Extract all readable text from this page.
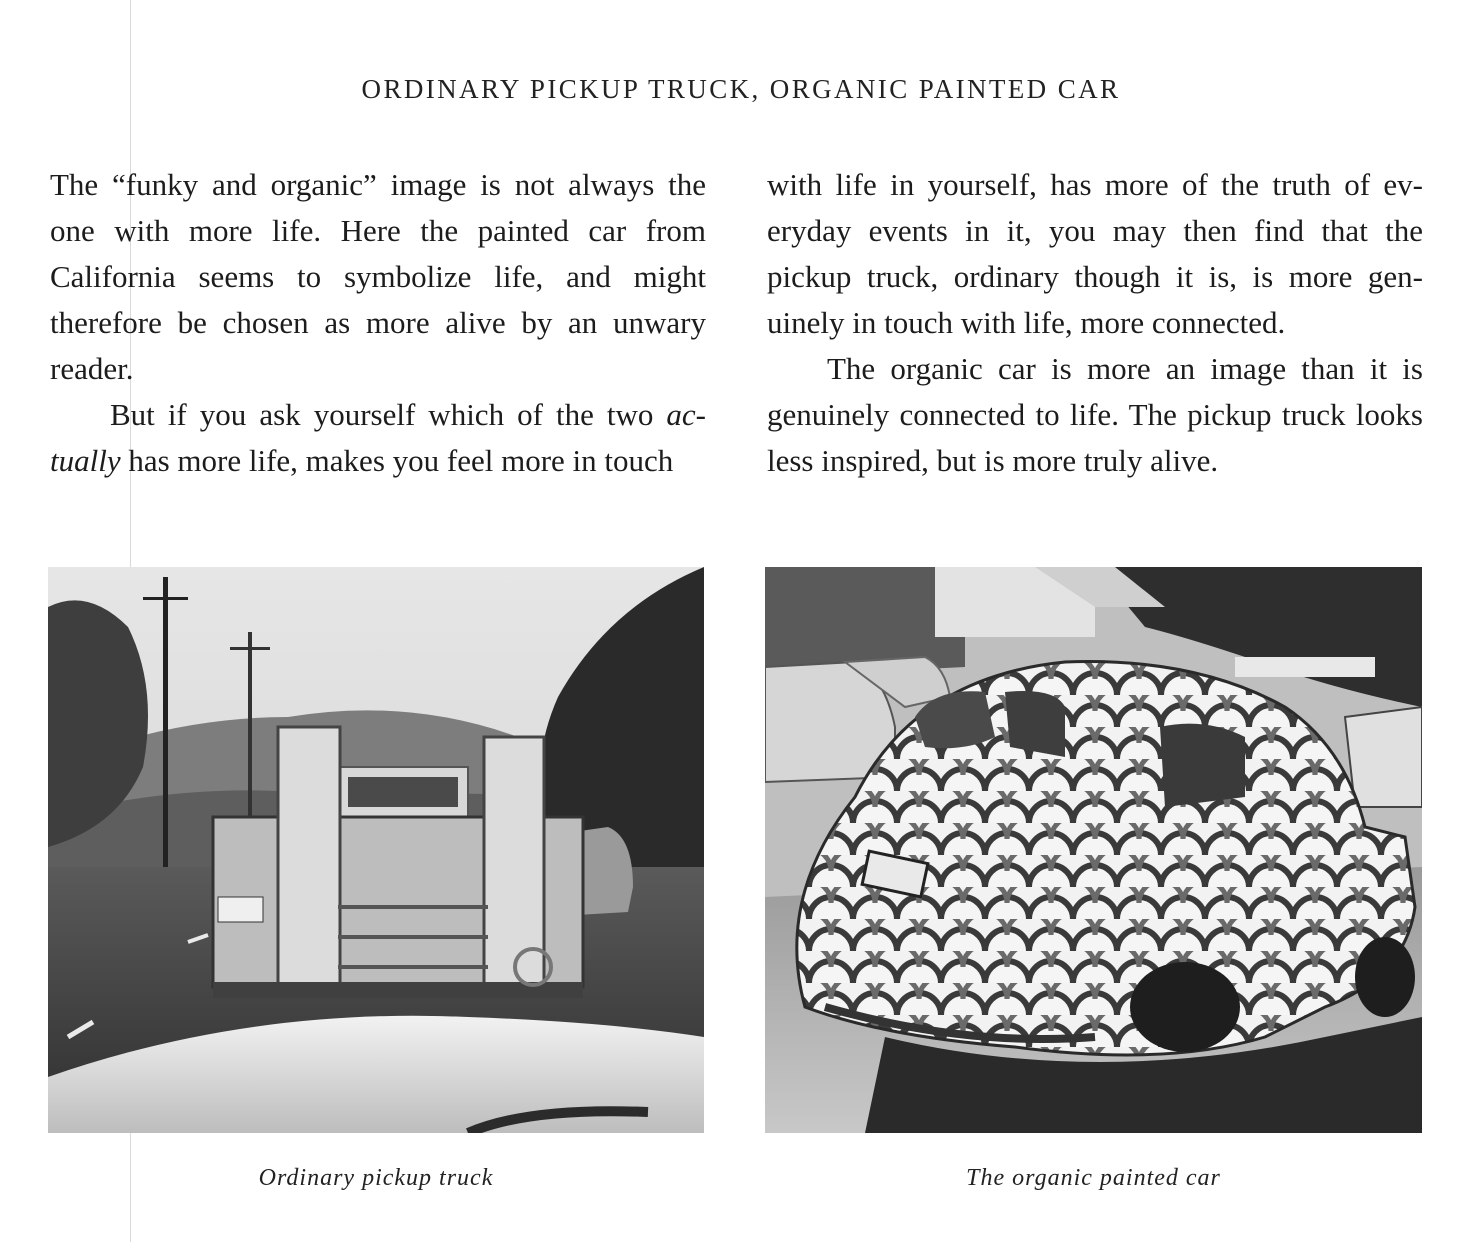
ORDINARY PICKUP TRUCK, ORGANIC PAINTED CAR

The “funky and organic” image is not always the one with more life. Here the painted car from California seems to symbolize life, and might therefore be chosen as more alive by an unwary reader.

But if you ask yourself which of the two actually has more life, makes you feel more in touch

with life in yourself, has more of the truth of everyday events in it, you may then find that the pickup truck, ordinary though it is, is more genuinely in touch with life, more connected.

The organic car is more an image than it is genuinely connected to life. The pickup truck looks less inspired, but is more truly alive.

Ordinary pickup truck	The organic painted car
